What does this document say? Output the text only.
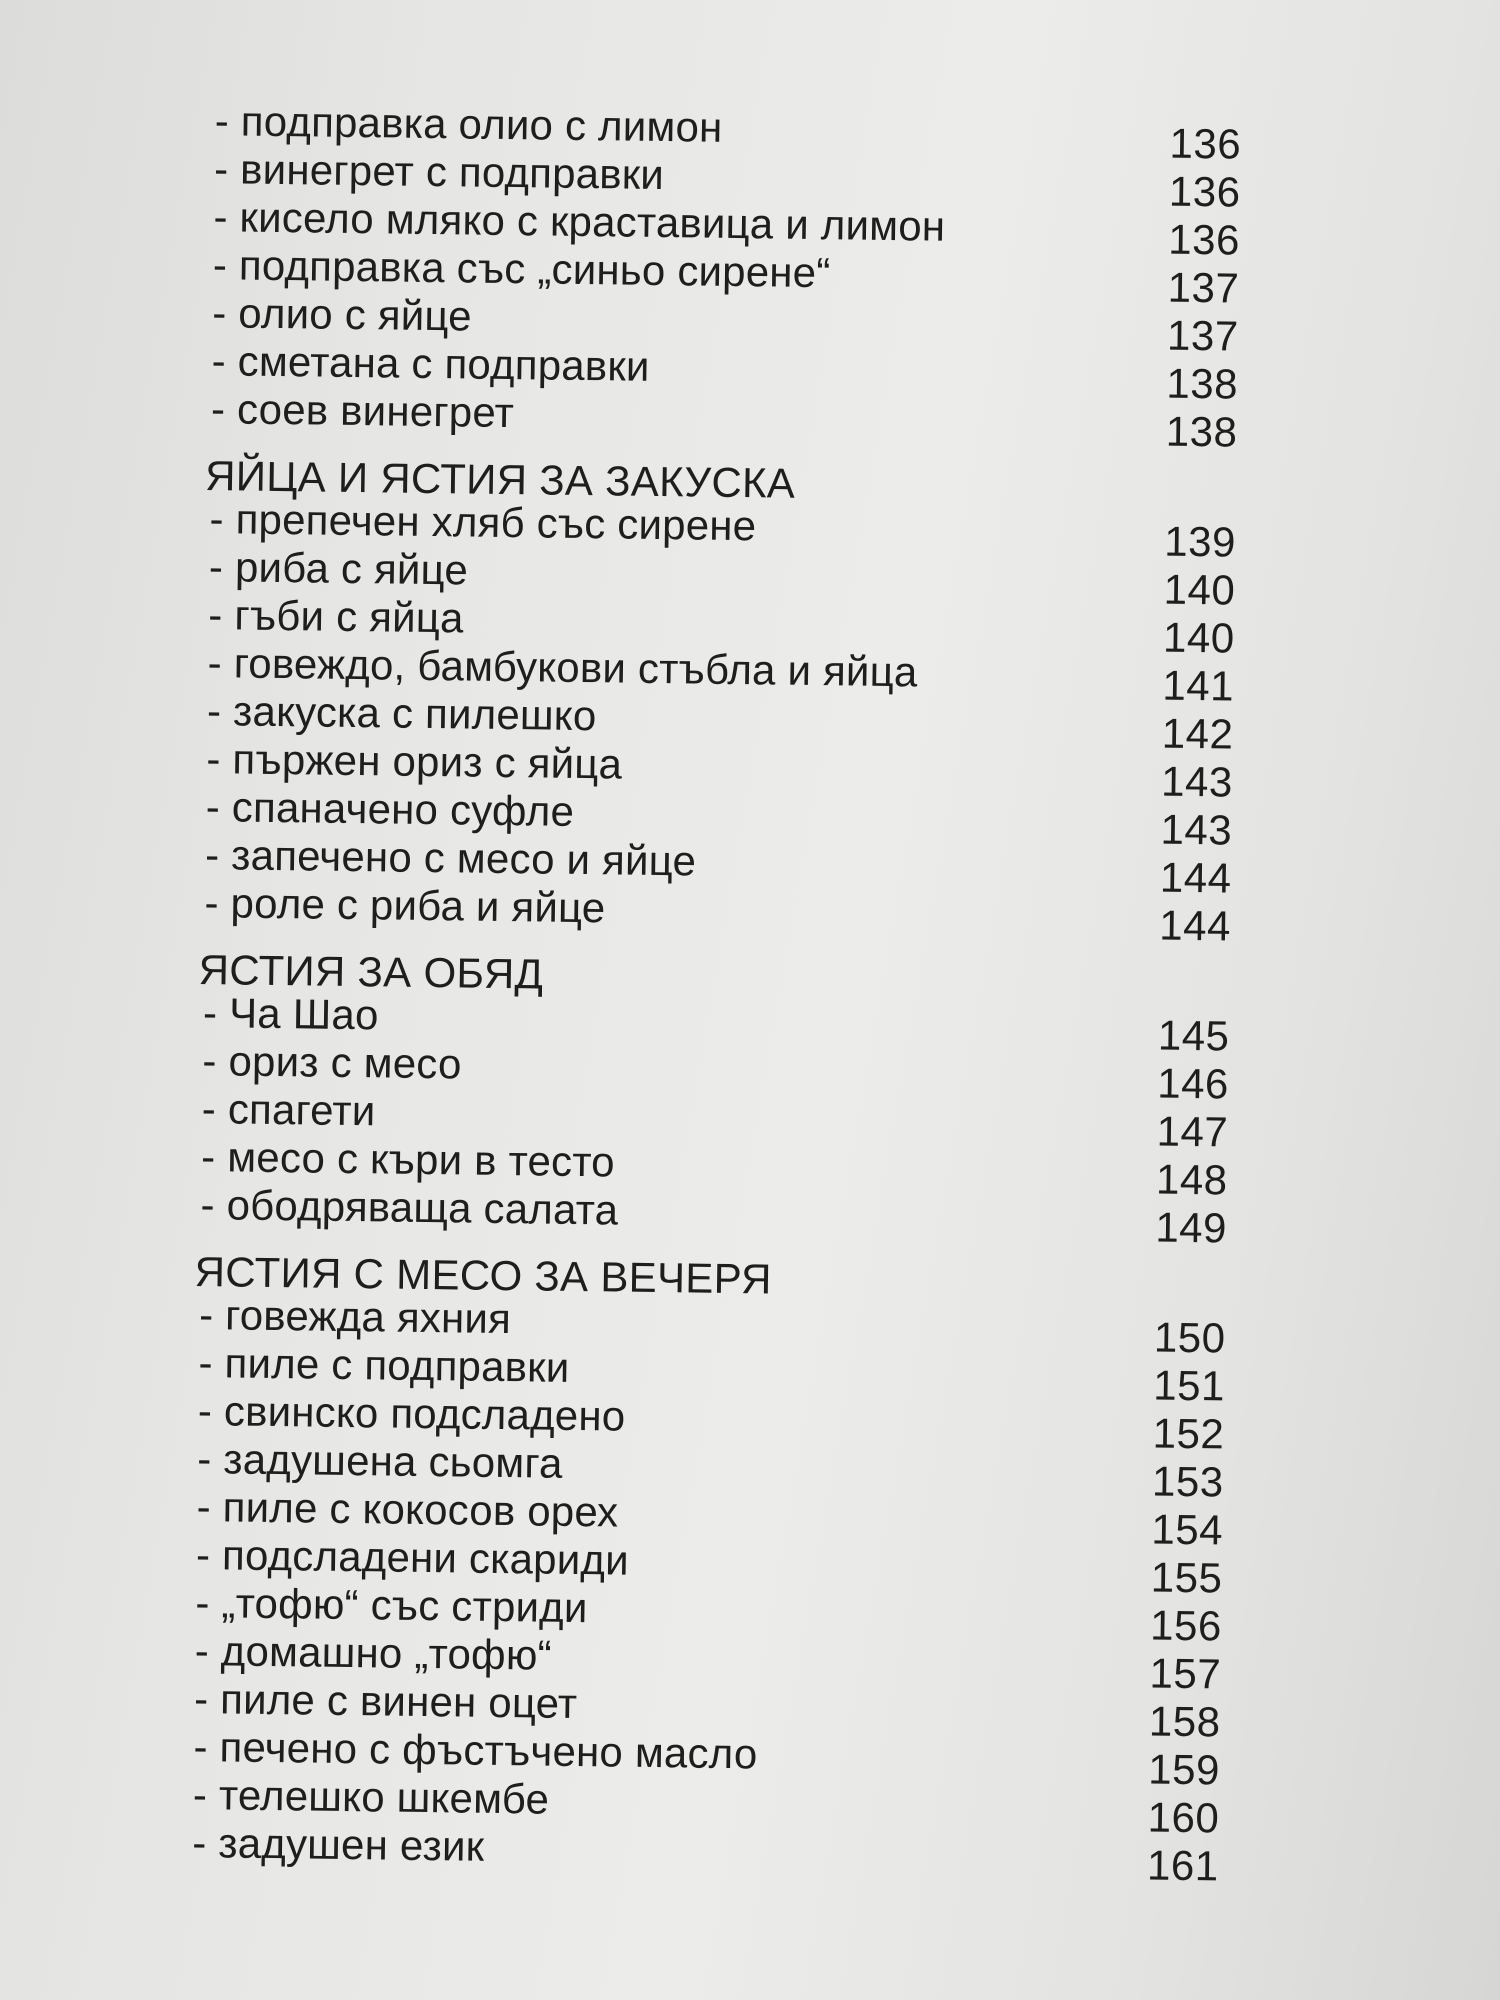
- подправка олио с лимон	136
- винегрет с подправки	136
- кисело мляко с краставица и лимон	136
- подправка със „синьо сирене“	137
- олио с яйце	137
- сметана с подправки	138
- соев винегрет	138
ЯЙЦА И ЯСТИЯ ЗА ЗАКУСКА
- препечен хляб със сирене	139
- риба с яйце	140
- гъби с яйца	140
- говеждо, бамбукови стъбла и яйца	141
- закуска с пилешко	142
- пържен ориз с яйца	143
- спаначено суфле	143
- запечено с месо и яйце	144
- роле с риба и яйце	144
ЯСТИЯ ЗА ОБЯД
- Ча Шао	145
- ориз с месо	146
- спагети	147
- месо с къри в тесто	148
- ободряваща салата	149
ЯСТИЯ С МЕСО ЗА ВЕЧЕРЯ
- говежда яхния	150
- пиле с подправки	151
- свинско подсладено	152
- задушена сьомга	153
- пиле с кокосов орех	154
- подсладени скариди	155
- „тофю“ със стриди	156
- домашно „тофю“	157
- пиле с винен оцет	158
- печено с фъстъчено масло	159
- телешко шкембе	160
- задушен език	161
